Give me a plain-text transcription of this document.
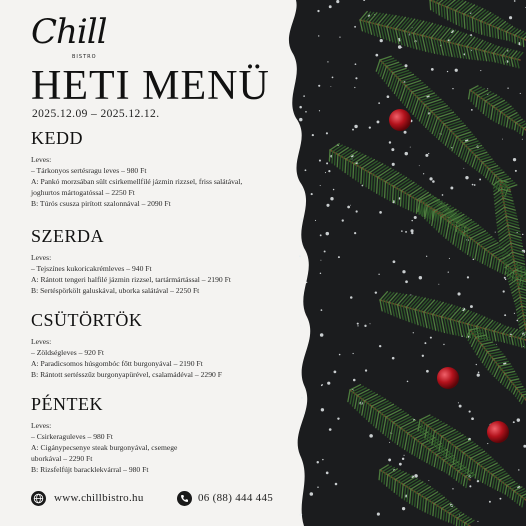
Chill
BISTRO
HETI MENÜ
2025.12.09 – 2025.12.12.
KEDD
Leves:
– Tárkonyos sertésragu leves – 980 Ft
A: Pankó morzsában sült csirkemellfilé jázmin rizzsel, friss salátával,
joghurtos mártogatóssal – 2250 Ft
B: Túrós csusza pirított szalonnával – 2090 Ft
SZERDA
Leves:
– Tejszínes kukoricakrémleves – 940 Ft
A: Rántott tengeri halfilé jázmin rizzsel, tartármártással – 2190 Ft
B: Sertéspörkölt galuskával, uborka salátával – 2250 Ft
CSÜTÖRTÖK
Leves:
– Zöldségleves – 920 Ft
A: Paradicsomos húsgombóc főtt burgonyával – 2190 Ft
B: Rántott sertésszűz burgonyapürével, csalamádéval – 2290 F
PÉNTEK
Leves:
– Csirkeraguleves – 980 Ft
A: Cigánypecsenye steak burgonyával, csemege
uborkával – 2290 Ft
B: Rizsfelfújt baracklekvárral – 980 Ft
www.chillbistro.hu	06 (88) 444 445
